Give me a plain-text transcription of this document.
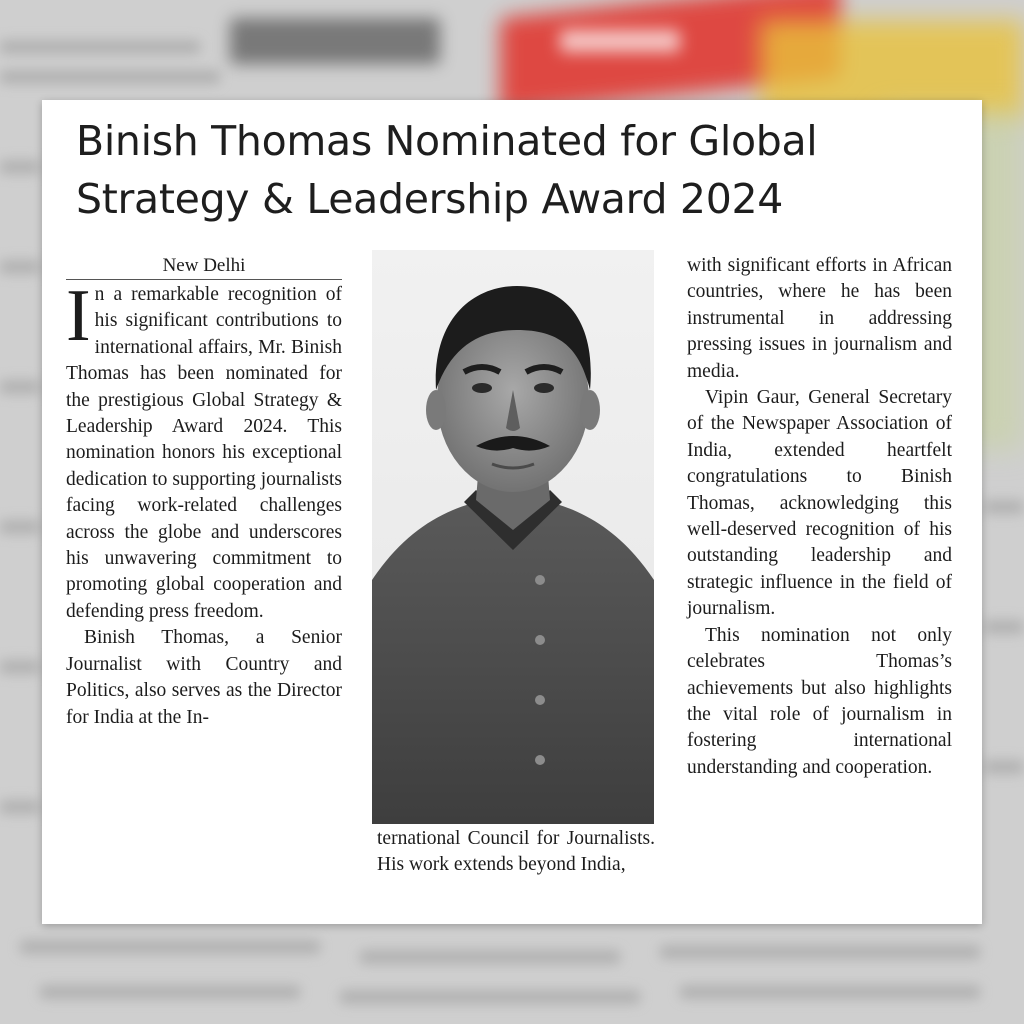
Binish Thomas Nominated for Global Strategy & Leadership Award 2024
New Delhi

In a remarkable recognition of his significant contributions to international affairs, Mr. Binish Thomas has been nominated for the prestigious Global Strategy & Leadership Award 2024. This nomination honors his exceptional dedication to supporting journalists facing work-related challenges across the globe and underscores his unwavering commitment to promoting global cooperation and defending press freedom.

Binish Thomas, a Senior Journalist with Country and Politics, also serves as the Director for India at the In-

ternational Council for Journalists. His work extends beyond India,

with significant efforts in African countries, where he has been instrumental in addressing pressing issues in journalism and media.

Vipin Gaur, General Secretary of the Newspaper Association of India, extended heartfelt congratulations to Binish Thomas, acknowledging this well-deserved recognition of his outstanding leadership and strategic influence in the field of journalism.

This nomination not only celebrates Thomas’s achievements but also highlights the vital role of journalism in fostering international understanding and cooperation.
